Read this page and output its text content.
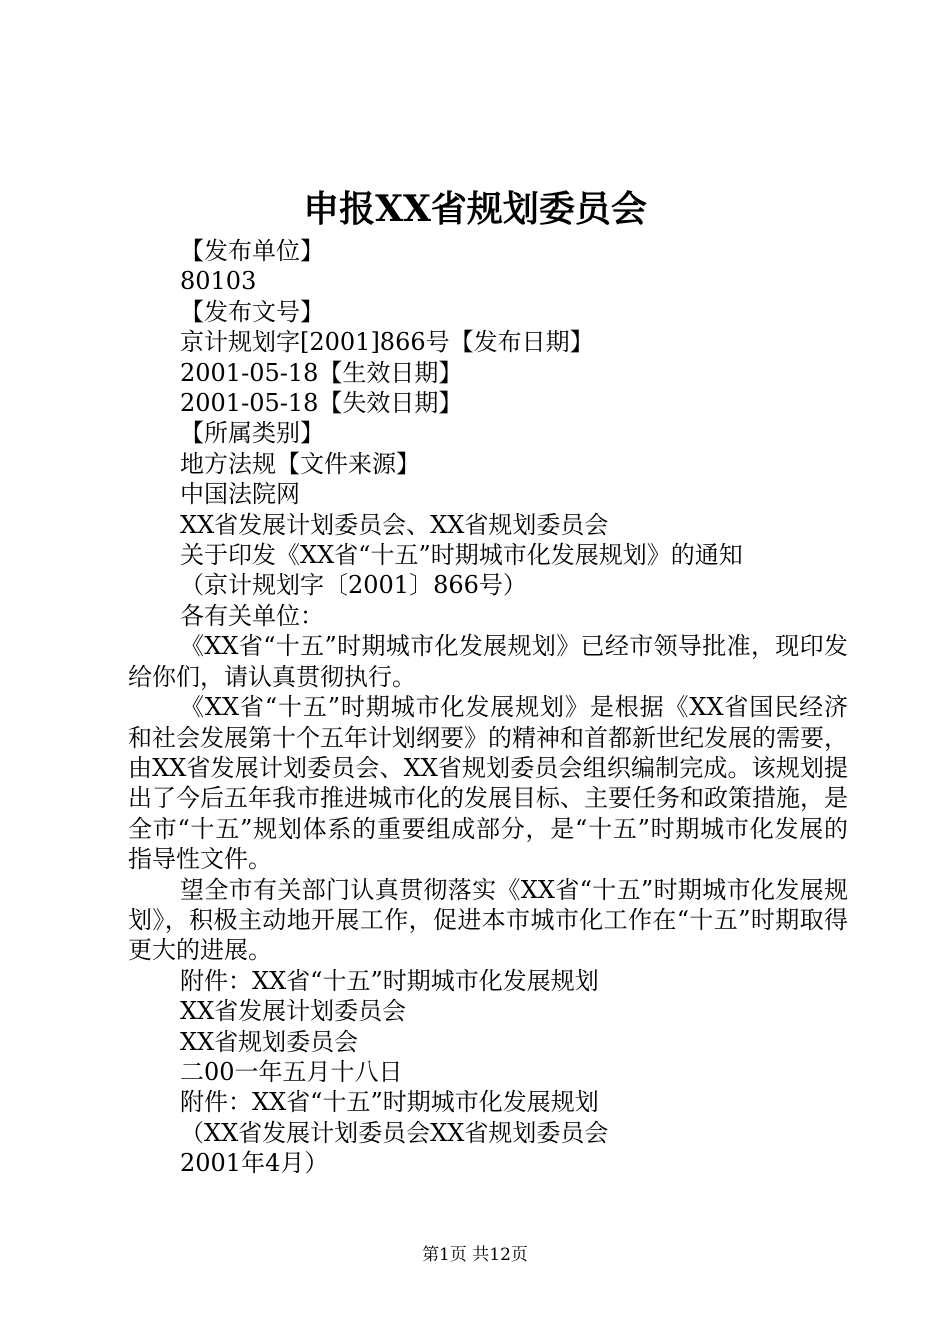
申报XX省规划委员会
【发布单位】
80103
【发布文号】
京计规划字[2001]866号【发布日期】
2001-05-18【生效日期】
2001-05-18【失效日期】
【所属类别】
地方法规【文件来源】
中国法院网
XX省发展计划委员会、XX省规划委员会
关于印发《XX省“十五”时期城市化发展规划》的通知
（京计规划字〔2001〕866号）
各有关单位：

《XX省“十五”时期城市化发展规划》已经市领导批准，现印发给你们，请认真贯彻执行。

《XX省“十五”时期城市化发展规划》是根据《XX省国民经济和社会发展第十个五年计划纲要》的精神和首都新世纪发展的需要，由XX省发展计划委员会、XX省规划委员会组织编制完成。该规划提出了今后五年我市推进城市化的发展目标、主要任务和政策措施，是全市“十五”规划体系的重要组成部分，是“十五”时期城市化发展的指导性文件。

望全市有关部门认真贯彻落实《XX省“十五”时期城市化发展规划》，积极主动地开展工作，促进本市城市化工作在“十五”时期取得更大的进展。

附件：XX省“十五”时期城市化发展规划
XX省发展计划委员会
XX省规划委员会
二00一年五月十八日
附件：XX省“十五”时期城市化发展规划
（XX省发展计划委员会XX省规划委员会
2001年4月）
第1页 共12页
